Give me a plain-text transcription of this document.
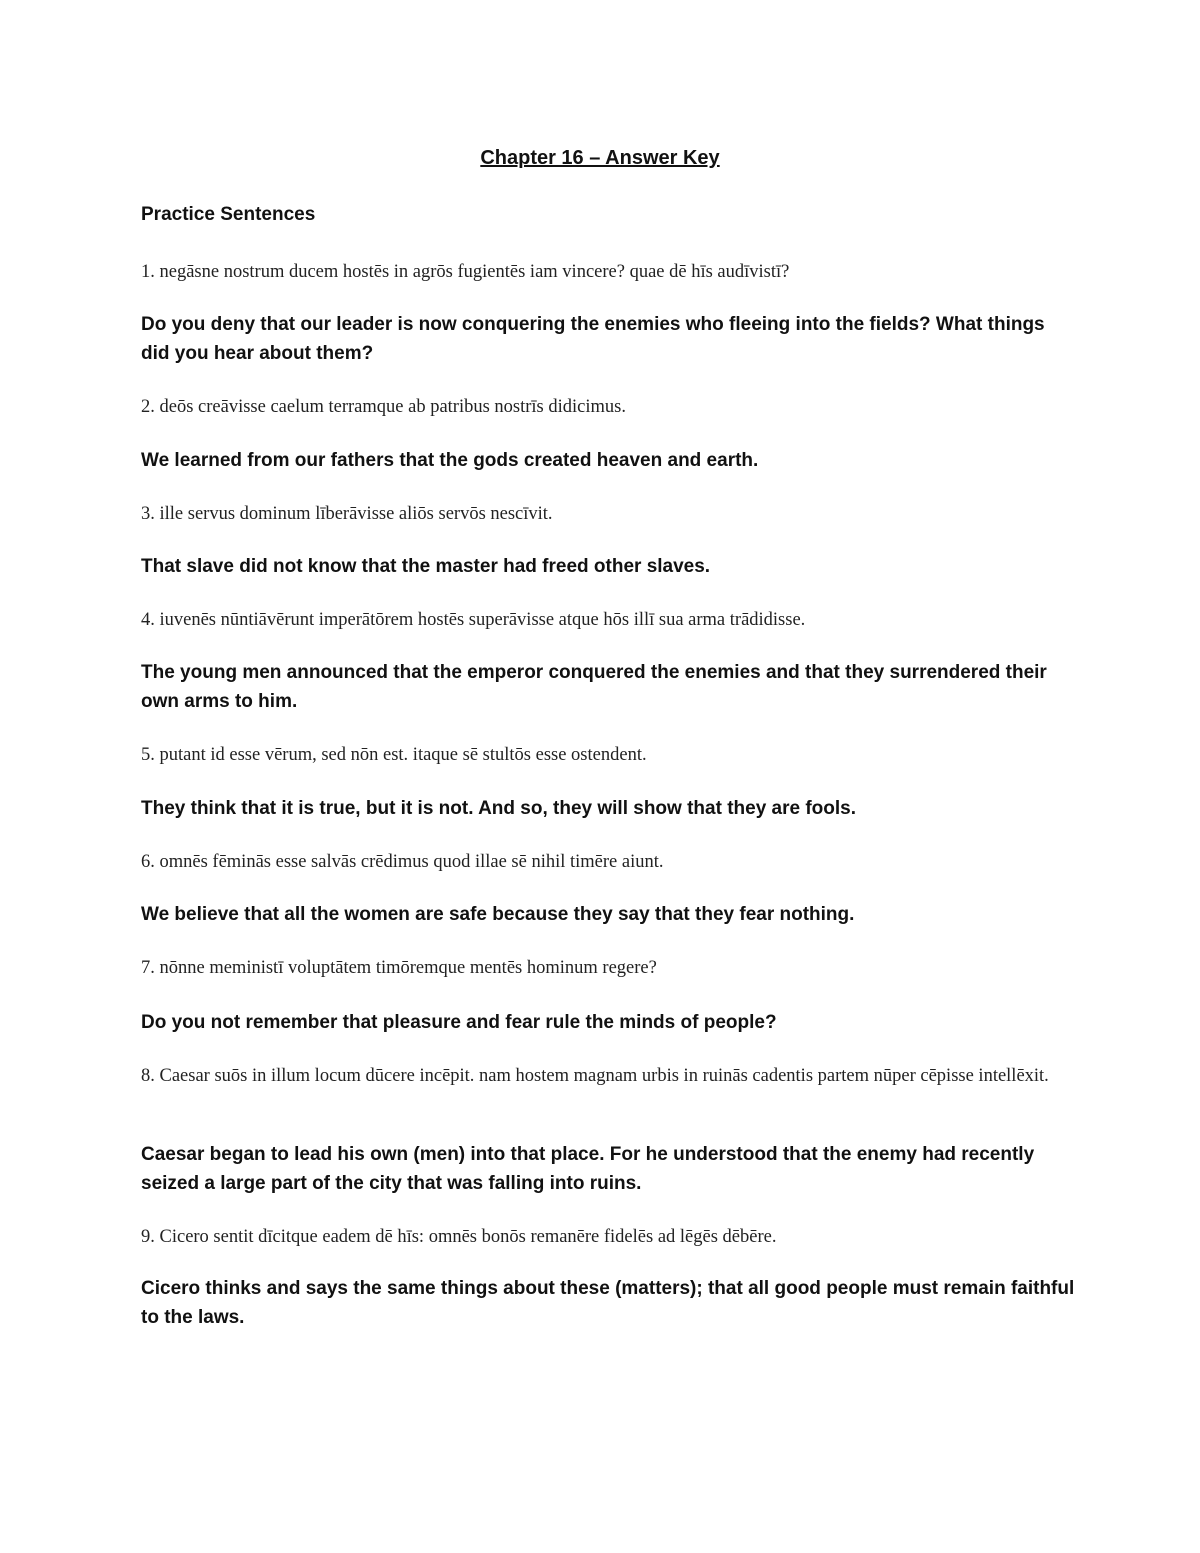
Chapter 16 – Answer Key
Practice Sentences
1. negāsne nostrum ducem hostēs in agrōs fugientēs iam vincere? quae dē hīs audīvistī?
Do you deny that our leader is now conquering the enemies who fleeing into the fields? What things did you hear about them?
2. deōs creāvisse caelum terramque ab patribus nostrīs didicimus.
We learned from our fathers that the gods created heaven and earth.
3. ille servus dominum līberāvisse aliōs servōs nescīvit.
That slave did not know that the master had freed other slaves.
4. iuvenēs nūntiāvērunt imperātōrem hostēs superāvisse atque hōs illī sua arma trādidisse.
The young men announced that the emperor conquered the enemies and that they surrendered their own arms to him.
5. putant id esse vērum, sed nōn est. itaque sē stultōs esse ostendent.
They think that it is true, but it is not. And so, they will show that they are fools.
6. omnēs fēminās esse salvās crēdimus quod illae sē nihil timēre aiunt.
We believe that all the women are safe because they say that they fear nothing.
7. nōnne meministī voluptātem timōremque mentēs hominum regere?
Do you not remember that pleasure and fear rule the minds of people?
8. Caesar suōs in illum locum dūcere incēpit. nam hostem magnam urbis in ruinās cadentis partem nūper cēpisse intellēxit.
Caesar began to lead his own (men) into that place. For he understood that the enemy had recently seized a large part of the city that was falling into ruins.
9. Cicero sentit dīcitque eadem dē hīs: omnēs bonōs remanēre fidelēs ad lēgēs dēbēre.
Cicero thinks and says the same things about these (matters); that all good people must remain faithful to the laws.
